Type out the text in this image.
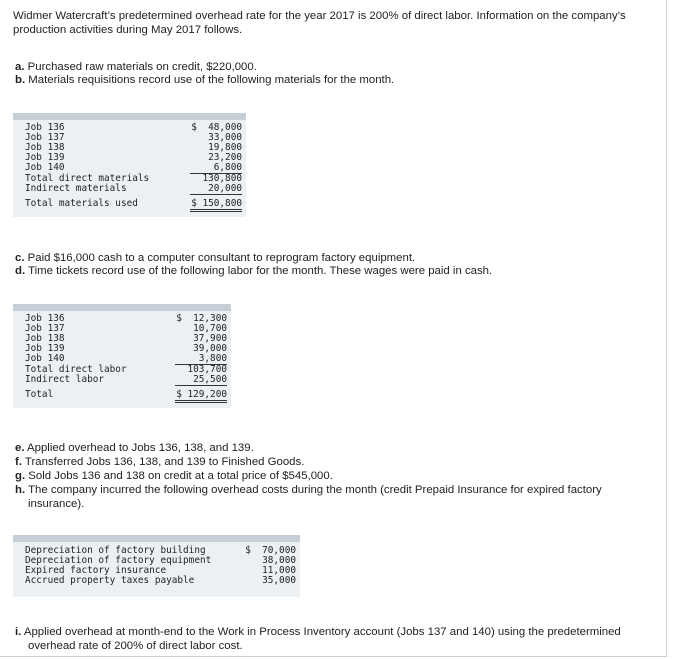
Widmer Watercraft’s predetermined overhead rate for the year 2017 is 200% of direct labor. Information on the company’s
production activities during May 2017 follows.
a. Purchased raw materials on credit, $220,000.
b. Materials requisitions record use of the following materials for the month.
Job 136	$  48,000
Job 137	33,000
Job 138	19,800
Job 139	23,200
Job 140	6,800
Total direct materials	130,800
Indirect materials	20,000
Total materials used	$ 150,800
c. Paid $16,000 cash to a computer consultant to reprogram factory equipment.
d. Time tickets record use of the following labor for the month. These wages were paid in cash.
Job 136	$  12,300
Job 137	10,700
Job 138	37,900
Job 139	39,000
Job 140	3,800
Total direct labor	103,700
Indirect labor	25,500
Total	$ 129,200
e. Applied overhead to Jobs 136, 138, and 139.
f. Transferred Jobs 136, 138, and 139 to Finished Goods.
g. Sold Jobs 136 and 138 on credit at a total price of $545,000.
h. The company incurred the following overhead costs during the month (credit Prepaid Insurance for expired factory
insurance).
Depreciation of factory building	$  70,000
Depreciation of factory equipment	38,000
Expired factory insurance	11,000
Accrued property taxes payable	35,000
i. Applied overhead at month-end to the Work in Process Inventory account (Jobs 137 and 140) using the predetermined
overhead rate of 200% of direct labor cost.
